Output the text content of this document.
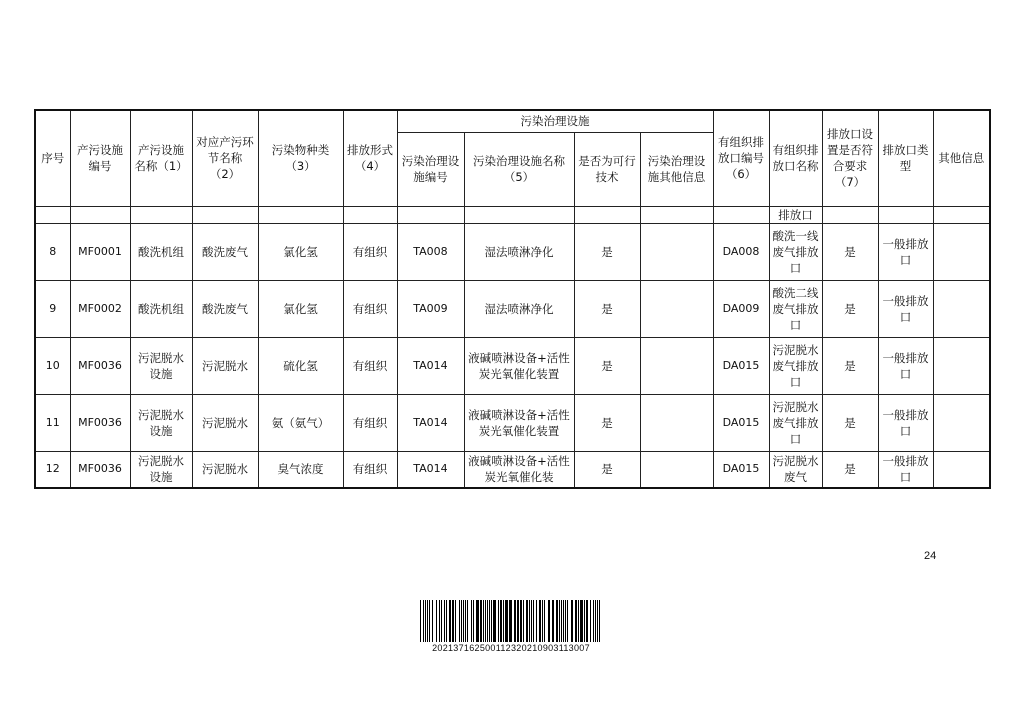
序号	产污设施编号	产污设施名称（1）	对应产污环节名称（2）	污染物种类（3）	排放形式（4）	污染治理设施				有组织排放口编号（6）	有组织排放口名称	排放口设置是否符合要求（7）	排放口类型	其他信息
						污染治理设施编号	污染治理设施名称（5）	是否为可行技术	污染治理设施其他信息					
											排放口			
8	MF0001	酸洗机组	酸洗废气	氯化氢	有组织	TA008	湿法喷淋净化	是		DA008	酸洗一线废气排放口	是	一般排放口	
9	MF0002	酸洗机组	酸洗废气	氯化氢	有组织	TA009	湿法喷淋净化	是		DA009	酸洗二线废气排放口	是	一般排放口	
10	MF0036	污泥脱水设施	污泥脱水	硫化氢	有组织	TA014	液碱喷淋设备+活性炭光氧催化装置	是		DA015	污泥脱水废气排放口	是	一般排放口	
11	MF0036	污泥脱水设施	污泥脱水	氨（氨气）	有组织	TA014	液碱喷淋设备+活性炭光氧催化装置	是		DA015	污泥脱水废气排放口	是	一般排放口	
12	MF0036	污泥脱水设施	污泥脱水	臭气浓度	有组织	TA014	液碱喷淋设备+活性炭光氧催化装	是		DA015	污泥脱水废气	是	一般排放口	
24
202137162500112320210903113007
